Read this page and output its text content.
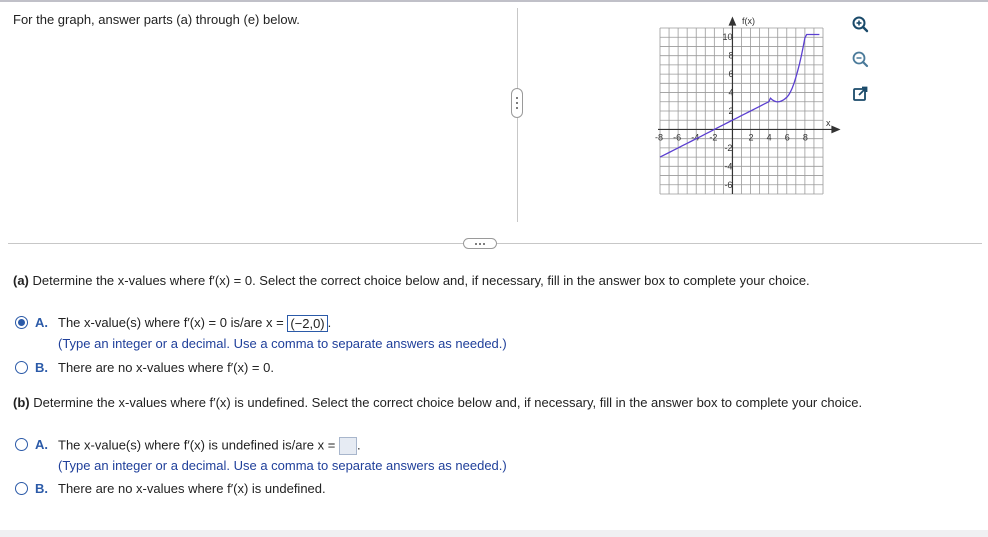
For the graph, answer parts (a) through (e) below.
-8 -6 -4 -2	2 4 6 8
10
8
6
4
2
-2
-4
-6
f(x)
x
(a) Determine the x-values where f′(x) = 0. Select the correct choice below and, if necessary, fill in the answer box to complete your choice.
A. The x-value(s) where f′(x) = 0 is/are x = (−2,0) .
(Type an integer or a decimal. Use a comma to separate answers as needed.)
B. There are no x-values where f′(x) = 0.
(b) Determine the x-values where f′(x) is undefined. Select the correct choice below and, if necessary, fill in the answer box to complete your choice.
A. The x-value(s) where f′(x) is undefined is/are x = .
(Type an integer or a decimal. Use a comma to separate answers as needed.)
B. There are no x-values where f′(x) is undefined.
